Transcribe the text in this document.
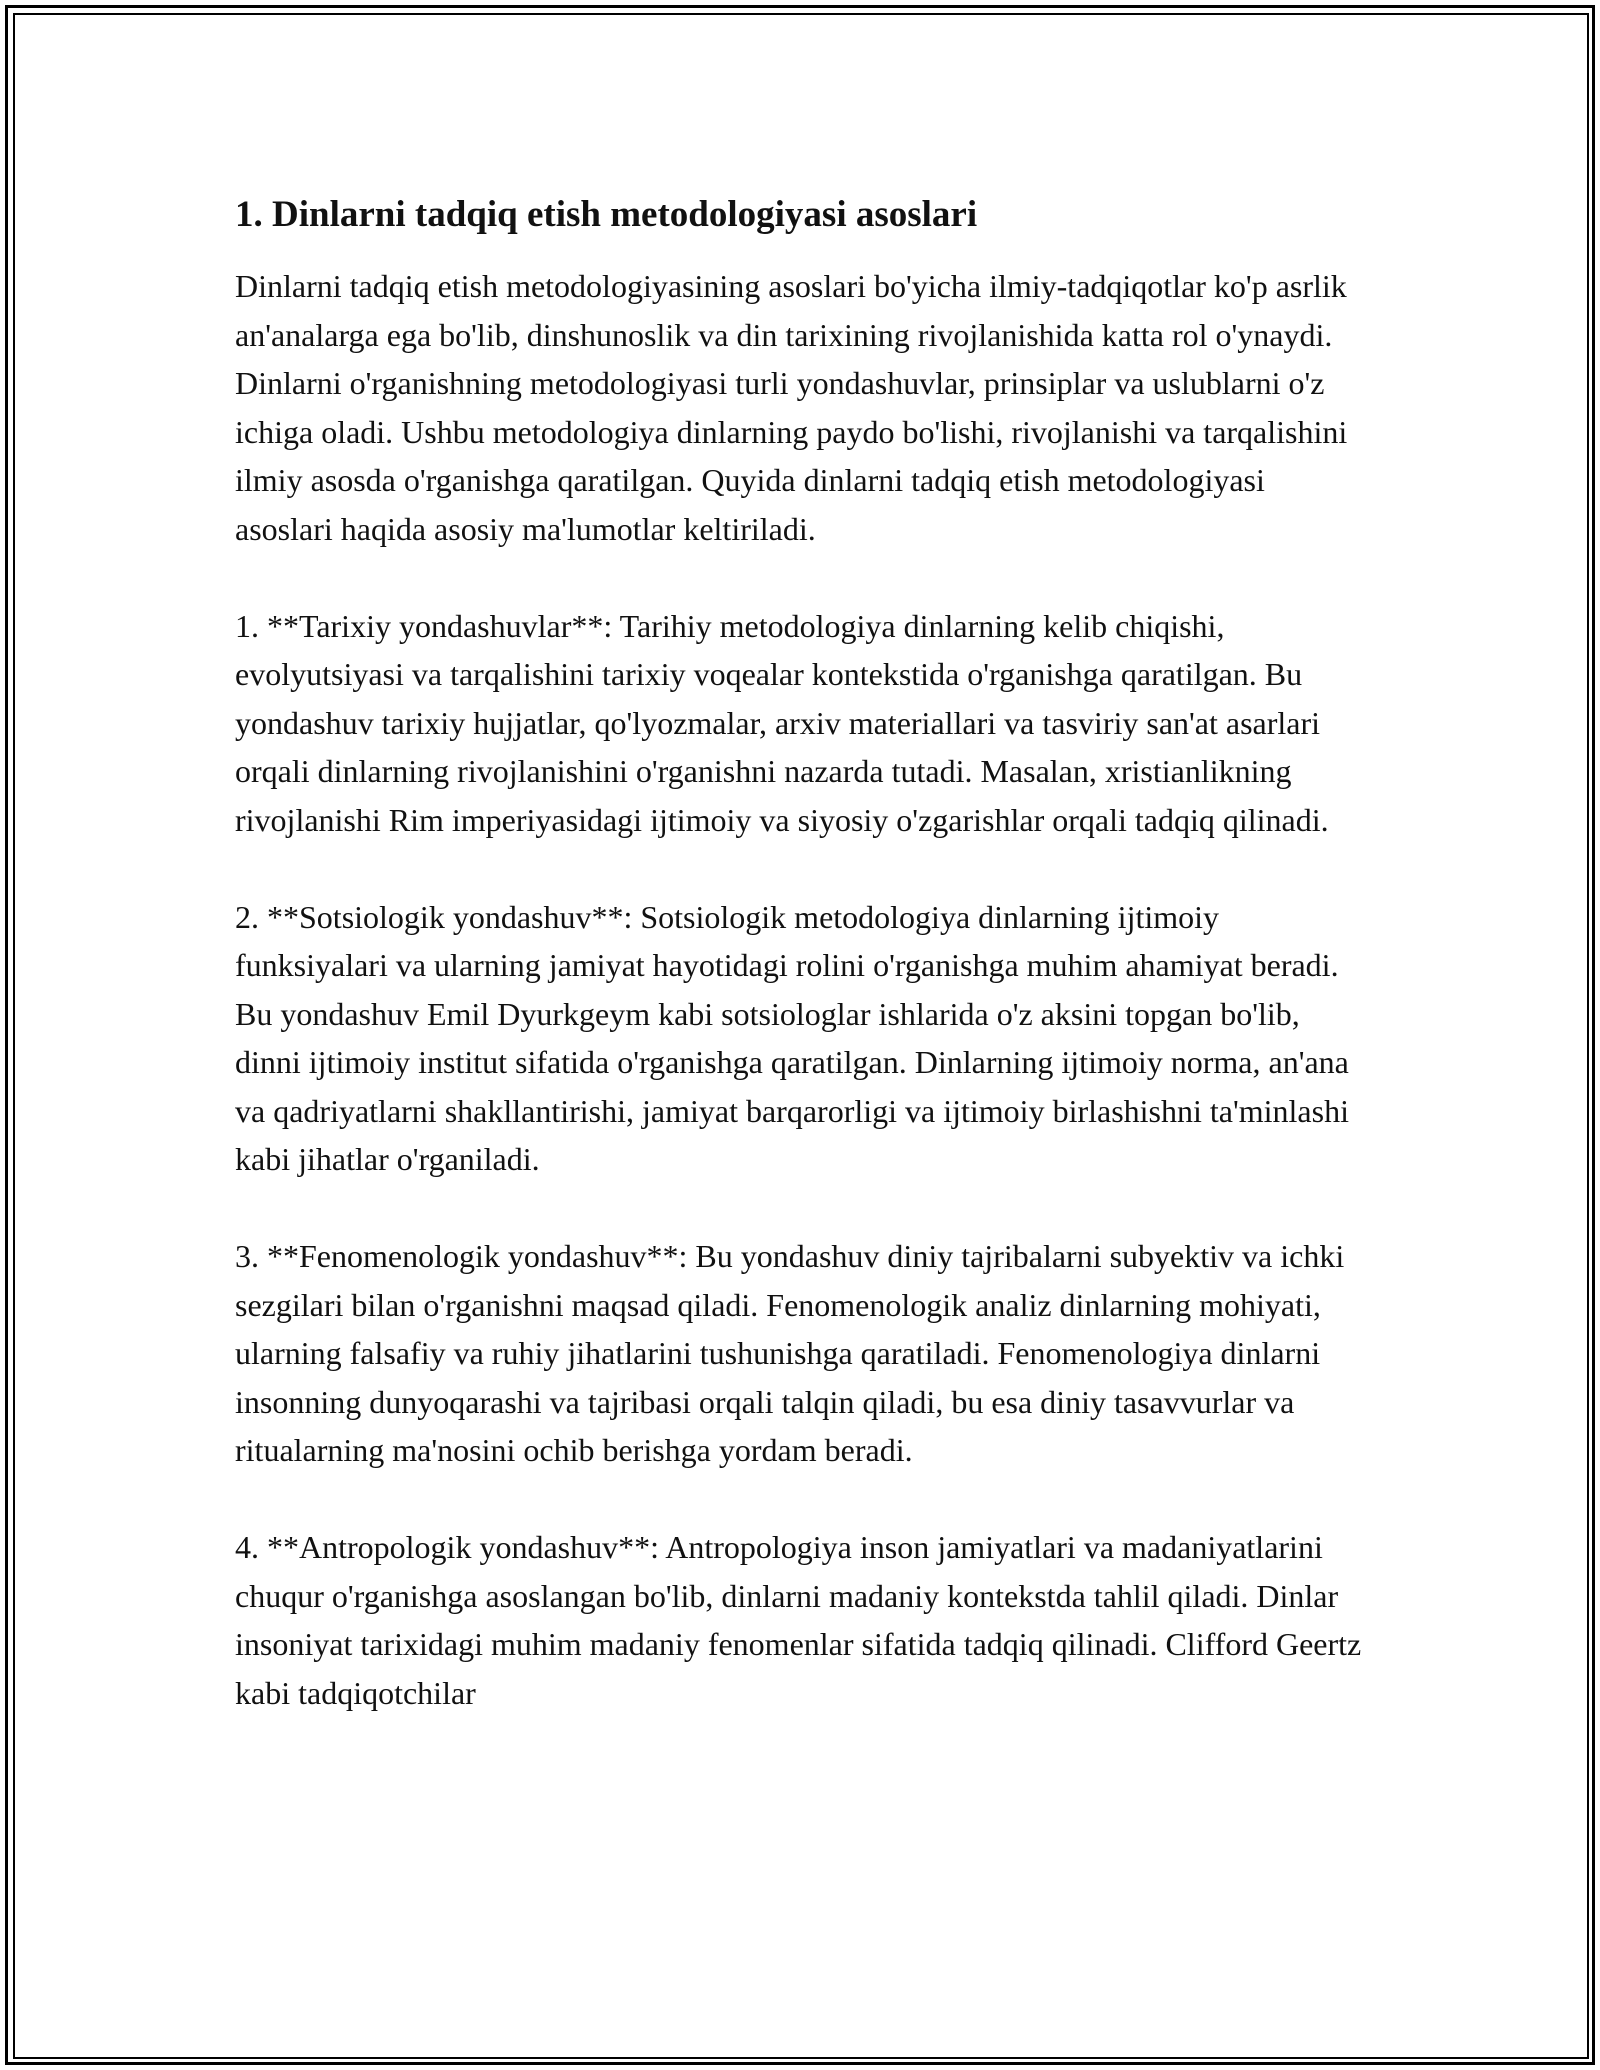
1. Dinlarni tadqiq etish metodologiyasi asoslari

Dinlarni tadqiq etish metodologiyasining asoslari bo'yicha ilmiy-tadqiqotlar ko'p asrlik an'analarga ega bo'lib, dinshunoslik va din tarixining rivojlanishida katta rol o'ynaydi. Dinlarni o'rganishning metodologiyasi turli yondashuvlar, prinsiplar va uslublarni o'z ichiga oladi. Ushbu metodologiya dinlarning paydo bo'lishi, rivojlanishi va tarqalishini ilmiy asosda o'rganishga qaratilgan. Quyida dinlarni tadqiq etish metodologiyasi asoslari haqida asosiy ma'lumotlar keltiriladi.

1. **Tarixiy yondashuvlar**: Tarihiy metodologiya dinlarning kelib chiqishi, evolyutsiyasi va tarqalishini tarixiy voqealar kontekstida o'rganishga qaratilgan. Bu yondashuv tarixiy hujjatlar, qo'lyozmalar, arxiv materiallari va tasviriy san'at asarlari orqali dinlarning rivojlanishini o'rganishni nazarda tutadi. Masalan, xristianlikning rivojlanishi Rim imperiyasidagi ijtimoiy va siyosiy o'zgarishlar orqali tadqiq qilinadi.

2. **Sotsiologik yondashuv**: Sotsiologik metodologiya dinlarning ijtimoiy funksiyalari va ularning jamiyat hayotidagi rolini o'rganishga muhim ahamiyat beradi. Bu yondashuv Emil Dyurkgeym kabi sotsiologlar ishlarida o'z aksini topgan bo'lib, dinni ijtimoiy institut sifatida o'rganishga qaratilgan. Dinlarning ijtimoiy norma, an'ana va qadriyatlarni shakllantirishi, jamiyat barqarorligi va ijtimoiy birlashishni ta'minlashi kabi jihatlar o'rganiladi.

3. **Fenomenologik yondashuv**: Bu yondashuv diniy tajribalarni subyektiv va ichki sezgilari bilan o'rganishni maqsad qiladi. Fenomenologik analiz dinlarning mohiyati, ularning falsafiy va ruhiy jihatlarini tushunishga qaratiladi. Fenomenologiya dinlarni insonning dunyoqarashi va tajribasi orqali talqin qiladi, bu esa diniy tasavvurlar va ritualarning ma'nosini ochib berishga yordam beradi.

4. **Antropologik yondashuv**: Antropologiya inson jamiyatlari va madaniyatlarini chuqur o'rganishga asoslangan bo'lib, dinlarni madaniy kontekstda tahlil qiladi. Dinlar insoniyat tarixidagi muhim madaniy fenomenlar sifatida tadqiq qilinadi. Clifford Geertz kabi tadqiqotchilar
